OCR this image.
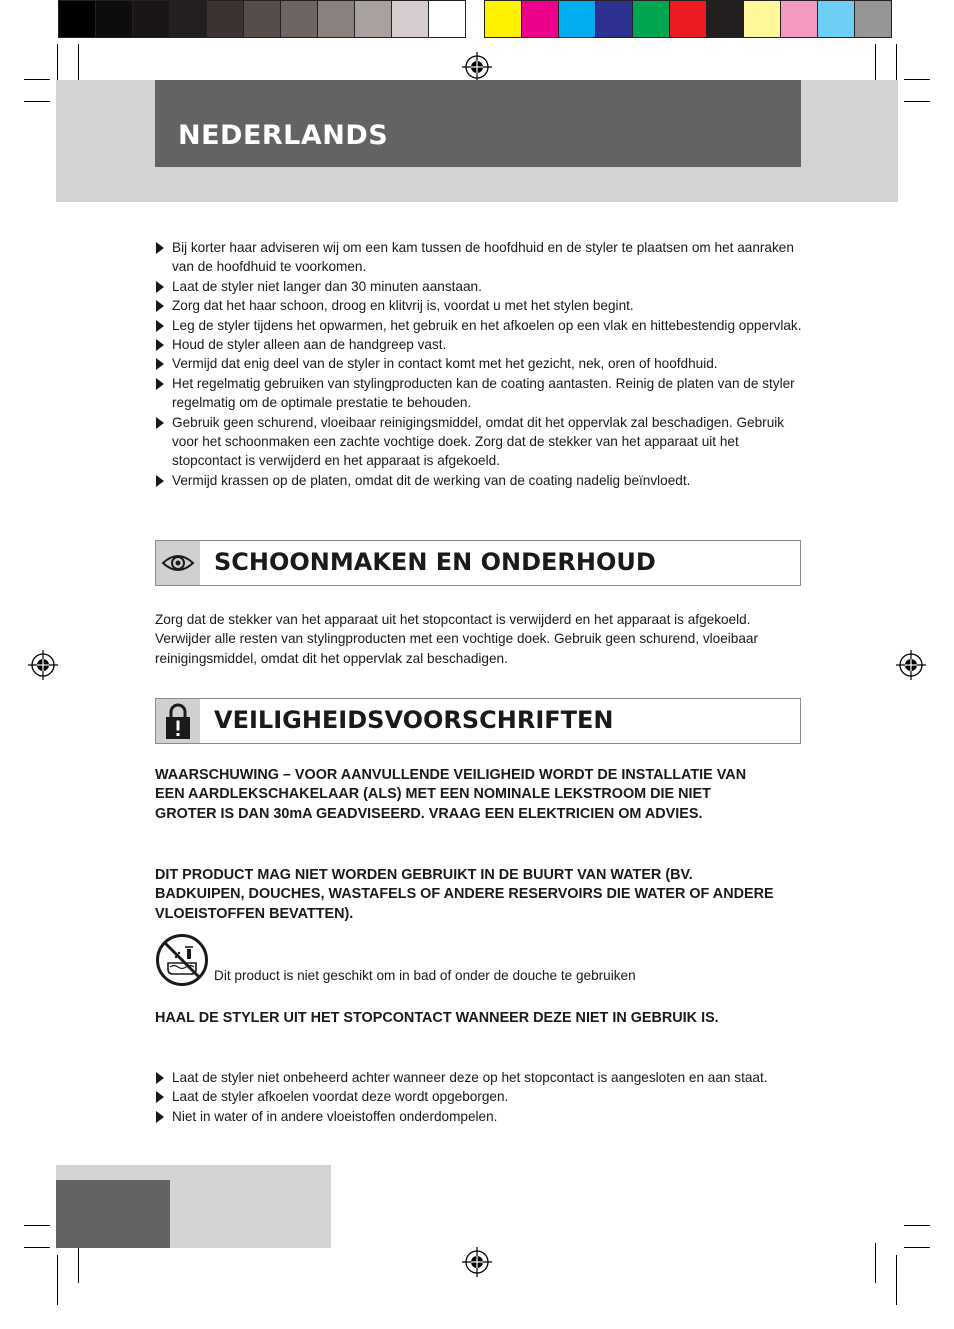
NEDERLANDS
Bij korter haar adviseren wij om een kam tussen de hoofdhuid en de styler te plaatsen om het aanraken van de hoofdhuid te voorkomen.
Laat de styler niet langer dan 30 minuten aanstaan.
Zorg dat het haar schoon, droog en klitvrij is, voordat u met het stylen begint.
Leg de styler tijdens het opwarmen, het gebruik en het afkoelen op een vlak en hittebestendig oppervlak.
Houd de styler alleen aan de handgreep vast.
Vermijd dat enig deel van de styler in contact komt met het gezicht, nek, oren of hoofdhuid.
Het regelmatig gebruiken van stylingproducten kan de coating aantasten. Reinig de platen van de styler regelmatig om de optimale prestatie te behouden.
Gebruik geen schurend, vloeibaar reinigingsmiddel, omdat dit het oppervlak zal beschadigen. Gebruik voor het schoonmaken een zachte vochtige doek. Zorg dat de stekker van het apparaat uit het stopcontact is verwijderd en het apparaat is afgekoeld.
Vermijd krassen op de platen, omdat dit de werking van de coating nadelig beïnvloedt.
SCHOONMAKEN EN ONDERHOUD

Zorg dat de stekker van het apparaat uit het stopcontact is verwijderd en het apparaat is afgekoeld. Verwijder alle resten van stylingproducten met een vochtige doek. Gebruik geen schurend, vloeibaar reinigingsmiddel, omdat dit het oppervlak zal beschadigen.

VEILIGHEIDSVOORSCHRIFTEN

WAARSCHUWING – VOOR AANVULLENDE VEILIGHEID WORDT DE INSTALLATIE VAN EEN AARDLEKSCHAKELAAR (ALS) MET EEN NOMINALE LEKSTROOM DIE NIET GROTER IS DAN 30mA GEADVISEERD. VRAAG EEN ELEKTRICIEN OM ADVIES.

DIT PRODUCT MAG NIET WORDEN GEBRUIKT IN DE BUURT VAN WATER (BV. BADKUIPEN, DOUCHES, WASTAFELS OF ANDERE RESERVOIRS DIE WATER OF ANDERE VLOEISTOFFEN BEVATTEN).

Dit product is niet geschikt om in bad of onder de douche te gebruiken

HAAL DE STYLER UIT HET STOPCONTACT WANNEER DEZE NIET IN GEBRUIK IS.

Laat de styler niet onbeheerd achter wanneer deze op het stopcontact is aangesloten en aan staat.
Laat de styler afkoelen voordat deze wordt opgeborgen.
Niet in water of in andere vloeistoffen onderdompelen.
